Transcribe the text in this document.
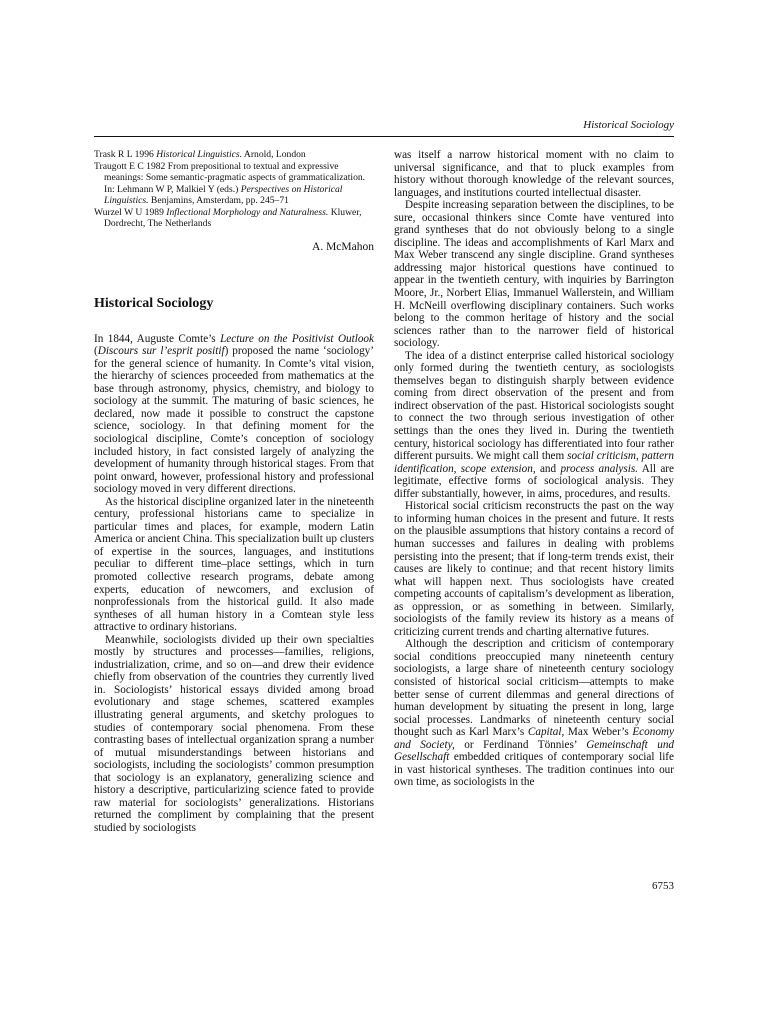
Historical Sociology

Trask R L 1996 Historical Linguistics. Arnold, London

Traugott E C 1982 From prepositional to textual and expressive meanings: Some semantic-pragmatic aspects of grammaticalization. In: Lehmann W P, Malkiel Y (eds.) Perspectives on Historical Linguistics. Benjamins, Amsterdam, pp. 245–71

Wurzel W U 1989 Inflectional Morphology and Naturalness. Kluwer, Dordrecht, The Netherlands

A. McMahon
Historical Sociology

In 1844, Auguste Comte’s Lecture on the Positivist Outlook (Discours sur l’esprit positif) proposed the name ‘sociology’ for the general science of humanity. In Comte’s vital vision, the hierarchy of sciences proceeded from mathematics at the base through astronomy, physics, chemistry, and biology to sociology at the summit. The maturing of basic sciences, he declared, now made it possible to construct the capstone science, sociology. In that defining moment for the sociological discipline, Comte’s conception of sociology included history, in fact consisted largely of analyzing the development of humanity through historical stages. From that point onward, however, professional history and professional sociology moved in very different directions.

As the historical discipline organized later in the nineteenth century, professional historians came to specialize in particular times and places, for example, modern Latin America or ancient China. This specialization built up clusters of expertise in the sources, languages, and institutions peculiar to different time–place settings, which in turn promoted collective research programs, debate among experts, education of newcomers, and exclusion of nonprofessionals from the historical guild. It also made syntheses of all human history in a Comtean style less attractive to ordinary historians.

Meanwhile, sociologists divided up their own specialties mostly by structures and processes—families, religions, industrialization, crime, and so on—and drew their evidence chiefly from observation of the countries they currently lived in. Sociologists’ historical essays divided among broad evolutionary and stage schemes, scattered examples illustrating general arguments, and sketchy prologues to studies of contemporary social phenomena. From these contrasting bases of intellectual organization sprang a number of mutual misunderstandings between historians and sociologists, including the sociologists’ common presumption that sociology is an explanatory, generalizing science and history a descriptive, particularizing science fated to provide raw material for sociologists’ generalizations. Historians returned the compliment by complaining that the present studied by sociologists

was itself a narrow historical moment with no claim to universal significance, and that to pluck examples from history without thorough knowledge of the relevant sources, languages, and institutions courted intellectual disaster.

Despite increasing separation between the disciplines, to be sure, occasional thinkers since Comte have ventured into grand syntheses that do not obviously belong to a single discipline. The ideas and accomplishments of Karl Marx and Max Weber transcend any single discipline. Grand syntheses addressing major historical questions have continued to appear in the twentieth century, with inquiries by Barrington Moore, Jr., Norbert Elias, Immanuel Wallerstein, and William H. McNeill overflowing disciplinary containers. Such works belong to the common heritage of history and the social sciences rather than to the narrower field of historical sociology.

The idea of a distinct enterprise called historical sociology only formed during the twentieth century, as sociologists themselves began to distinguish sharply between evidence coming from direct observation of the present and from indirect observation of the past. Historical sociologists sought to connect the two through serious investigation of other settings than the ones they lived in. During the twentieth century, historical sociology has differentiated into four rather different pursuits. We might call them social criticism, pattern identification, scope extension, and process analysis. All are legitimate, effective forms of sociological analysis. They differ substantially, however, in aims, procedures, and results.

Historical social criticism reconstructs the past on the way to informing human choices in the present and future. It rests on the plausible assumptions that history contains a record of human successes and failures in dealing with problems persisting into the present; that if long-term trends exist, their causes are likely to continue; and that recent history limits what will happen next. Thus sociologists have created competing accounts of capitalism’s development as liberation, as oppression, or as something in between. Similarly, sociologists of the family review its history as a means of criticizing current trends and charting alternative futures.

Although the description and criticism of contemporary social conditions preoccupied many nineteenth century sociologists, a large share of nineteenth century sociology consisted of historical social criticism—attempts to make better sense of current dilemmas and general directions of human development by situating the present in long, large social processes. Landmarks of nineteenth century social thought such as Karl Marx’s Capital, Max Weber’s Economy and Society, or Ferdinand Tönnies’ Gemeinschaft und Gesellschaft embedded critiques of contemporary social life in vast historical syntheses. The tradition continues into our own time, as sociologists in the

6753
